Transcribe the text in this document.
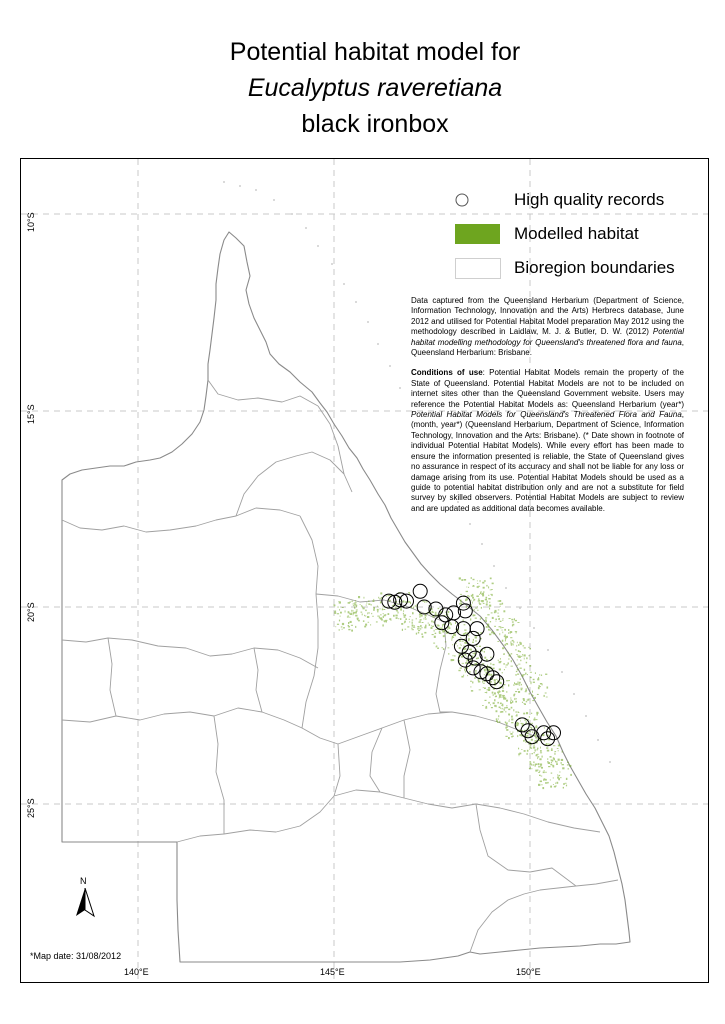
Potential habitat model for
Eucalyptus raveretiana
black ironbox
10°S
15°S
20°S
25°S
140°E	145°E	150°E
High quality records
Modelled habitat
Bioregion boundaries

Data captured from the Queensland Herbarium (Department of Science, Information Technology, Innovation and the Arts) Herbrecs database, June 2012 and utilised for Potential Habitat Model preparation May 2012 using the methodology described in Laidlaw, M. J. & Butler, D. W. (2012) Potential habitat modelling methodology for Queensland's threatened flora and fauna, Queensland Herbarium: Brisbane.

Conditions of use: Potential Habitat Models remain the property of the State of Queensland. Potential Habitat Models are not to be included on internet sites other than the Queensland Government website. Users may reference the Potential Habitat Models as: Queensland Herbarium (year*) Potential Habitat Models for Queensland's Threatened Flora and Fauna, (month, year*) (Queensland Herbarium, Department of Science, Information Technology, Innovation and the Arts: Brisbane). (* Date shown in footnote of individual Potential Habitat Models). While every effort has been made to ensure the information presented is reliable, the State of Queensland gives no assurance in respect of its accuracy and shall not be liable for any loss or damage arising from its use. Potential Habitat Models should be used as a guide to potential habitat distribution only and are not a substitute for field survey by skilled observers. Potential Habitat Models are subject to review and are updated as additional data becomes available.

N
*Map date: 31/08/2012
